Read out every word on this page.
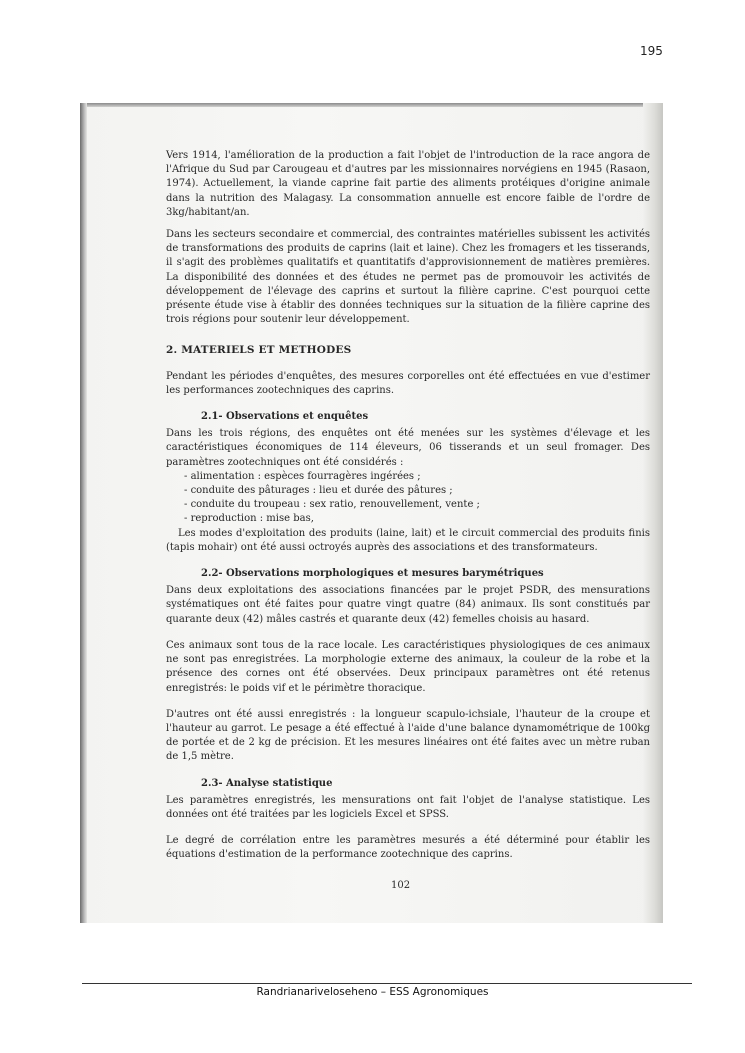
195

Vers 1914, l'amélioration de la production a fait l'objet de l'introduction de la race angora de l'Afrique du Sud par Carougeau et d'autres par les missionnaires norvégiens en 1945 (Rasaon, 1974). Actuellement, la viande caprine fait partie des aliments protéiques d'origine animale dans la nutrition des Malagasy. La consommation annuelle est encore faible de l'ordre de 3kg/habitant/an.

Dans les secteurs secondaire et commercial, des contraintes matérielles subissent les activités de transformations des produits de caprins (lait et laine). Chez les fromagers et les tisserands, il s'agit des problèmes qualitatifs et quantitatifs d'approvisionnement de matières premières. La disponibilité des données et des études ne permet pas de promouvoir les activités de développement de l'élevage des caprins et surtout la filière caprine. C'est pourquoi cette présente étude vise à établir des données techniques sur la situation de la filière caprine des trois régions pour soutenir leur développement.

2. MATERIELS ET METHODES

Pendant les périodes d'enquêtes, des mesures corporelles ont été effectuées en vue d'estimer les performances zootechniques des caprins.

2.1- Observations et enquêtes

Dans les trois régions, des enquêtes ont été menées sur les systèmes d'élevage et les caractéristiques économiques de 114 éleveurs, 06 tisserands et un seul fromager. Des paramètres zootechniques ont été considérés :

- alimentation : espèces fourragères ingérées ;
- conduite des pâturages : lieu et durée des pâtures ;
- conduite du troupeau : sex ratio, renouvellement, vente ;
- reproduction : mise bas,

Les modes d'exploitation des produits (laine, lait) et le circuit commercial des produits finis (tapis mohair) ont été aussi octroyés auprès des associations et des transformateurs.

2.2- Observations morphologiques et mesures barymétriques

Dans deux exploitations des associations financées par le projet PSDR, des mensurations systématiques ont été faites pour quatre vingt quatre (84) animaux. Ils sont constitués par quarante deux (42) mâles castrés et quarante deux (42) femelles choisis au hasard.

Ces animaux sont tous de la race locale. Les caractéristiques physiologiques de ces animaux ne sont pas enregistrées. La morphologie externe des animaux, la couleur de la robe et la présence des cornes ont été observées. Deux principaux paramètres ont été retenus enregistrés: le poids vif et le périmètre thoracique.

D'autres ont été aussi enregistrés : la longueur scapulo-ichsiale, l'hauteur de la croupe et l'hauteur au garrot. Le pesage a été effectué à l'aide d'une balance dynamométrique de 100kg de portée et de 2 kg de précision. Et les mesures linéaires ont été faites avec un mètre ruban de 1,5 mètre.

2.3- Analyse statistique

Les paramètres enregistrés, les mensurations ont fait l'objet de l'analyse statistique. Les données ont été traitées par les logiciels Excel et SPSS.

Le degré de corrélation entre les paramètres mesurés a été déterminé pour établir les équations d'estimation de la performance zootechnique des caprins.

102
Randrianariveloseheno – ESS Agronomiques
